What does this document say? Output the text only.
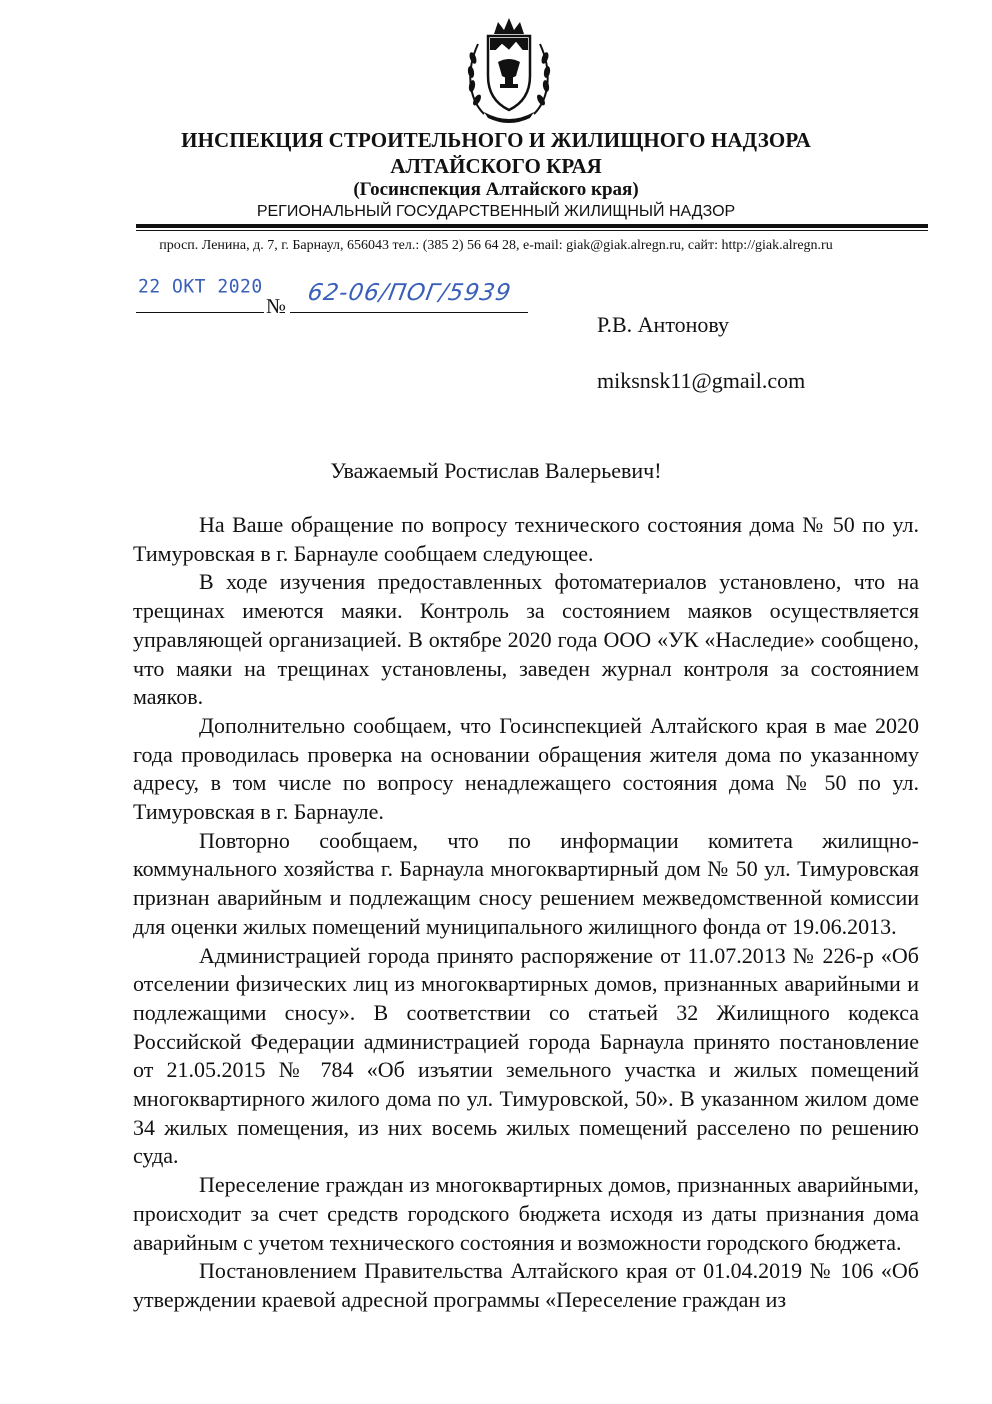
ИНСПЕКЦИЯ СТРОИТЕЛЬНОГО И ЖИЛИЩНОГО НАДЗОРА
АЛТАЙСКОГО КРАЯ
(Госинспекция Алтайского края)
РЕГИОНАЛЬНЫЙ ГОСУДАРСТВЕННЫЙ ЖИЛИЩНЫЙ НАДЗОР
просп. Ленина, д. 7, г. Барнаул, 656043 тел.: (385 2) 56 64 28, e-mail: giak@giak.alregn.ru, сайт: http://giak.alregn.ru
22 ОКТ 2020
№ 62-06/ПОГ/5939
Р.В. Антонову
miksnsk11@gmail.com
Уважаемый Ростислав Валерьевич!

На Ваше обращение по вопросу технического состояния дома № 50 по ул. Тимуровская в г. Барнауле сообщаем следующее.

В ходе изучения предоставленных фотоматериалов установлено, что на трещинах имеются маяки. Контроль за состоянием маяков осуществляется управляющей организацией. В октябре 2020 года ООО «УК «Наследие» сообщено, что маяки на трещинах установлены, заведен журнал контроля за состоянием маяков.

Дополнительно сообщаем, что Госинспекцией Алтайского края в мае 2020 года проводилась проверка на основании обращения жителя дома по указанному адресу, в том числе по вопросу ненадлежащего состояния дома № 50 по ул. Тимуровская в г. Барнауле.

Повторно сообщаем, что по информации комитета жилищно-коммунального хозяйства г. Барнаула многоквартирный дом № 50 ул. Тимуровская признан аварийным и подлежащим сносу решением межведомственной комиссии для оценки жилых помещений муниципального жилищного фонда от 19.06.2013.

Администрацией города принято распоряжение от 11.07.2013 № 226-р «Об отселении физических лиц из многоквартирных домов, признанных аварийными и подлежащими сносу». В соответствии со статьей 32 Жилищного кодекса Российской Федерации администрацией города Барнаула принято постановление от 21.05.2015 № 784 «Об изъятии земельного участка и жилых помещений многоквартирного жилого дома по ул. Тимуровской, 50». В указанном жилом доме 34 жилых помещения, из них восемь жилых помещений расселено по решению суда.

Переселение граждан из многоквартирных домов, признанных аварийными, происходит за счет средств городского бюджета исходя из даты признания дома аварийным с учетом технического состояния и возможности городского бюджета.

Постановлением Правительства Алтайского края от 01.04.2019 № 106 «Об утверждении краевой адресной программы «Переселение граждан из
